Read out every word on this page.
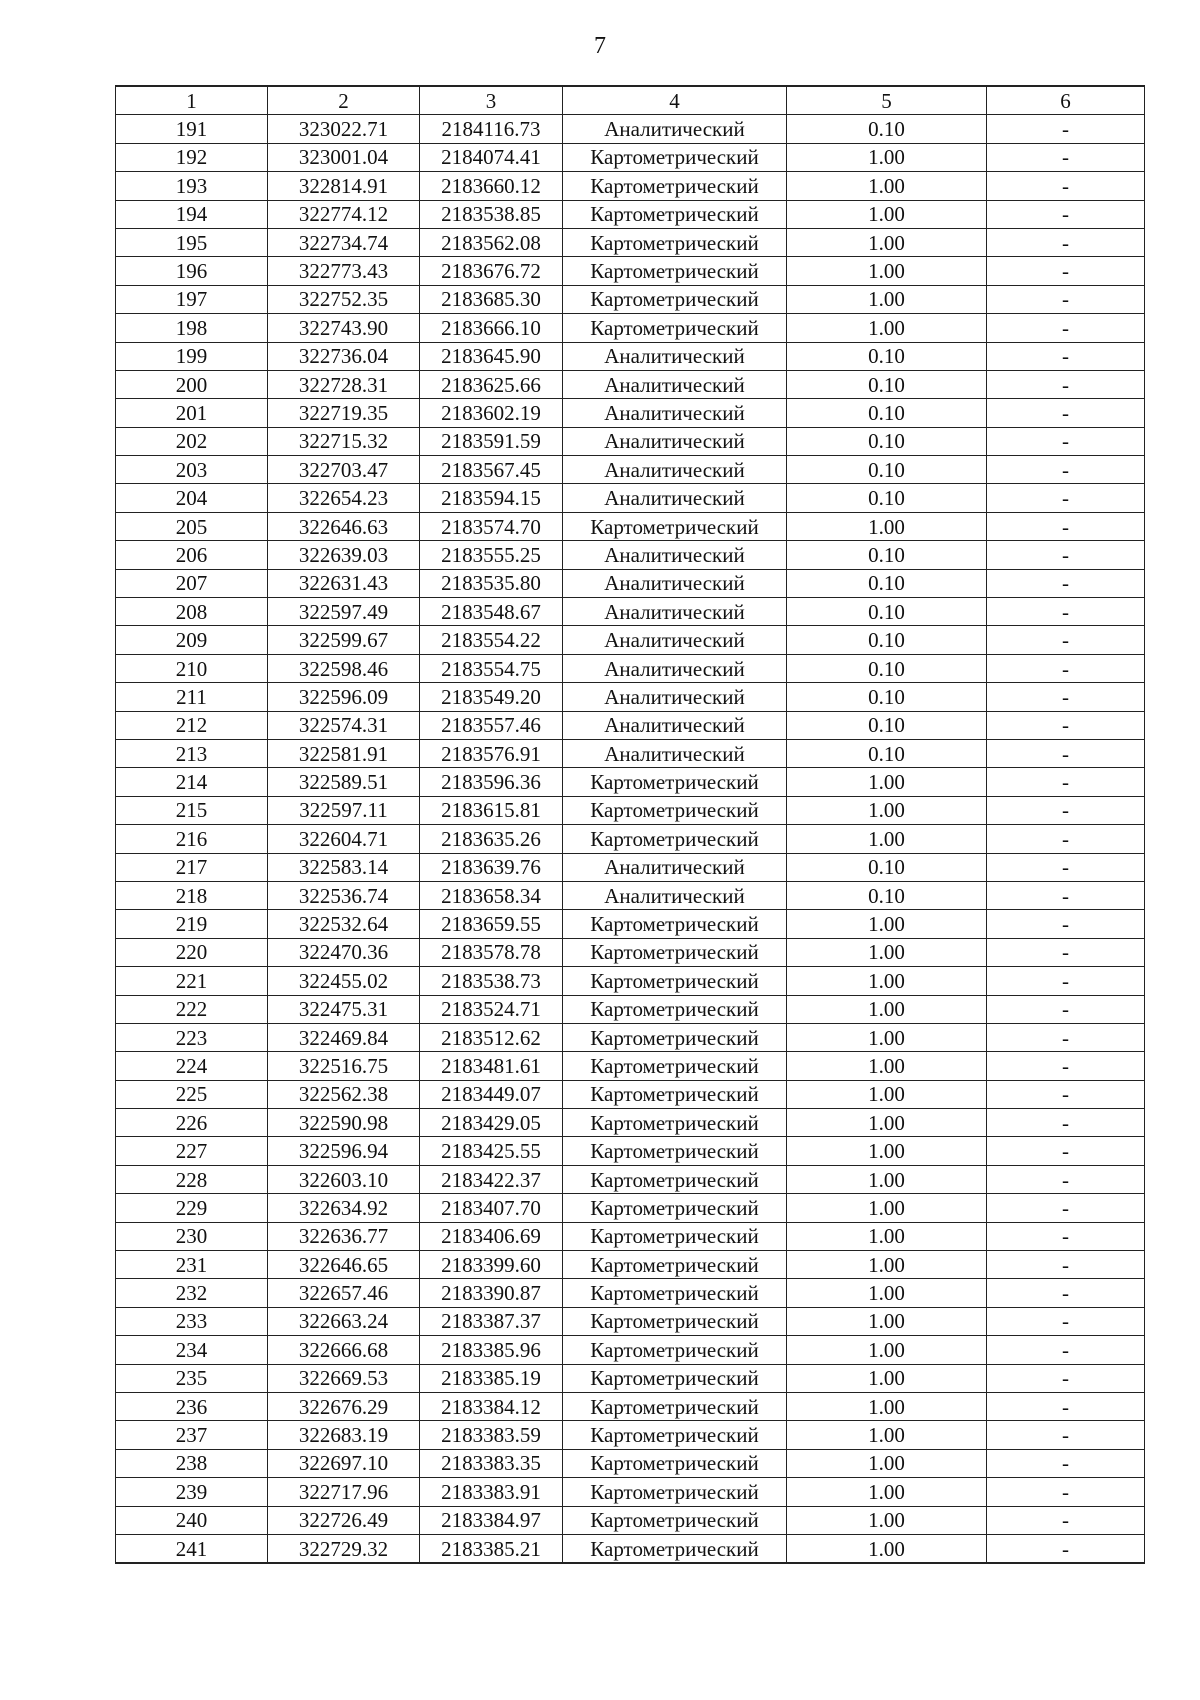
7
1	2	3	4	5	6
191	323022.71	2184116.73	Аналитический	0.10	-
192	323001.04	2184074.41	Картометрический	1.00	-
193	322814.91	2183660.12	Картометрический	1.00	-
194	322774.12	2183538.85	Картометрический	1.00	-
195	322734.74	2183562.08	Картометрический	1.00	-
196	322773.43	2183676.72	Картометрический	1.00	-
197	322752.35	2183685.30	Картометрический	1.00	-
198	322743.90	2183666.10	Картометрический	1.00	-
199	322736.04	2183645.90	Аналитический	0.10	-
200	322728.31	2183625.66	Аналитический	0.10	-
201	322719.35	2183602.19	Аналитический	0.10	-
202	322715.32	2183591.59	Аналитический	0.10	-
203	322703.47	2183567.45	Аналитический	0.10	-
204	322654.23	2183594.15	Аналитический	0.10	-
205	322646.63	2183574.70	Картометрический	1.00	-
206	322639.03	2183555.25	Аналитический	0.10	-
207	322631.43	2183535.80	Аналитический	0.10	-
208	322597.49	2183548.67	Аналитический	0.10	-
209	322599.67	2183554.22	Аналитический	0.10	-
210	322598.46	2183554.75	Аналитический	0.10	-
211	322596.09	2183549.20	Аналитический	0.10	-
212	322574.31	2183557.46	Аналитический	0.10	-
213	322581.91	2183576.91	Аналитический	0.10	-
214	322589.51	2183596.36	Картометрический	1.00	-
215	322597.11	2183615.81	Картометрический	1.00	-
216	322604.71	2183635.26	Картометрический	1.00	-
217	322583.14	2183639.76	Аналитический	0.10	-
218	322536.74	2183658.34	Аналитический	0.10	-
219	322532.64	2183659.55	Картометрический	1.00	-
220	322470.36	2183578.78	Картометрический	1.00	-
221	322455.02	2183538.73	Картометрический	1.00	-
222	322475.31	2183524.71	Картометрический	1.00	-
223	322469.84	2183512.62	Картометрический	1.00	-
224	322516.75	2183481.61	Картометрический	1.00	-
225	322562.38	2183449.07	Картометрический	1.00	-
226	322590.98	2183429.05	Картометрический	1.00	-
227	322596.94	2183425.55	Картометрический	1.00	-
228	322603.10	2183422.37	Картометрический	1.00	-
229	322634.92	2183407.70	Картометрический	1.00	-
230	322636.77	2183406.69	Картометрический	1.00	-
231	322646.65	2183399.60	Картометрический	1.00	-
232	322657.46	2183390.87	Картометрический	1.00	-
233	322663.24	2183387.37	Картометрический	1.00	-
234	322666.68	2183385.96	Картометрический	1.00	-
235	322669.53	2183385.19	Картометрический	1.00	-
236	322676.29	2183384.12	Картометрический	1.00	-
237	322683.19	2183383.59	Картометрический	1.00	-
238	322697.10	2183383.35	Картометрический	1.00	-
239	322717.96	2183383.91	Картометрический	1.00	-
240	322726.49	2183384.97	Картометрический	1.00	-
241	322729.32	2183385.21	Картометрический	1.00	-
